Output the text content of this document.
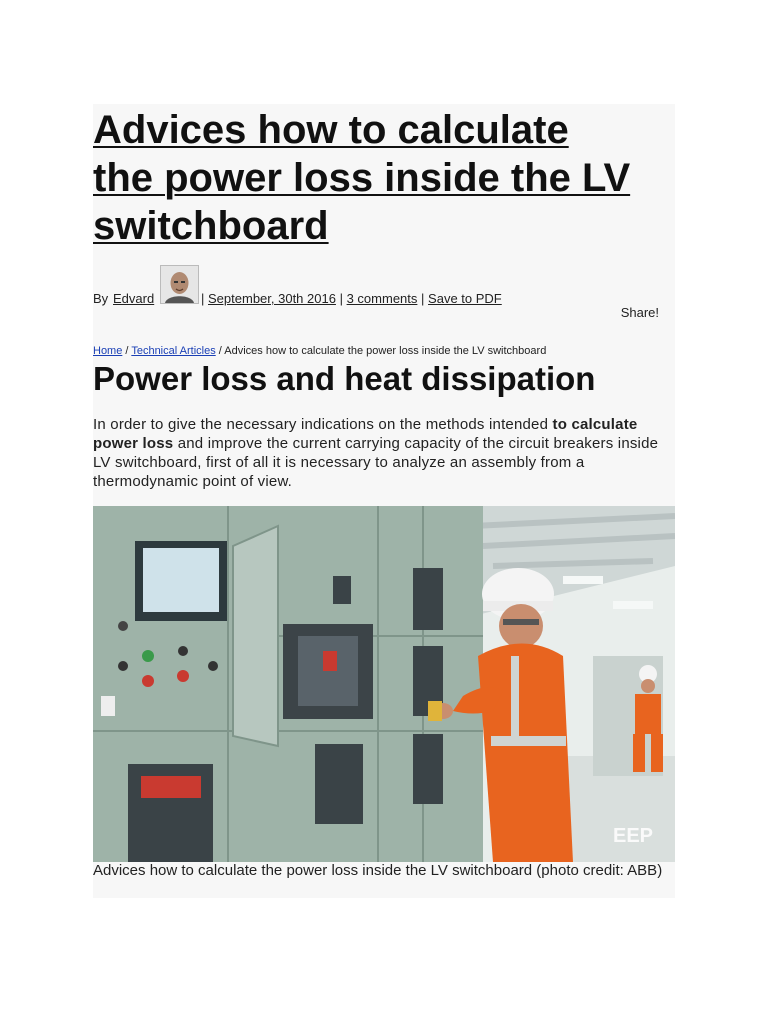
Advices how to calculate
the power loss inside the LV
switchboard
By Edvard	| September, 30th 2016 | 3 comments | Save to PDF
Share!
Home / Technical Articles / Advices how to calculate the power loss inside the LV switchboard
Power loss and heat dissipation

In order to give the necessary indications on the methods intended to calculate power loss and improve the current carrying capacity of the circuit breakers inside LV switchboard, first of all it is necessary to analyze an assembly from a thermodynamic point of view.

EEP

Advices how to calculate the power loss inside the LV switchboard (photo credit: ABB)
